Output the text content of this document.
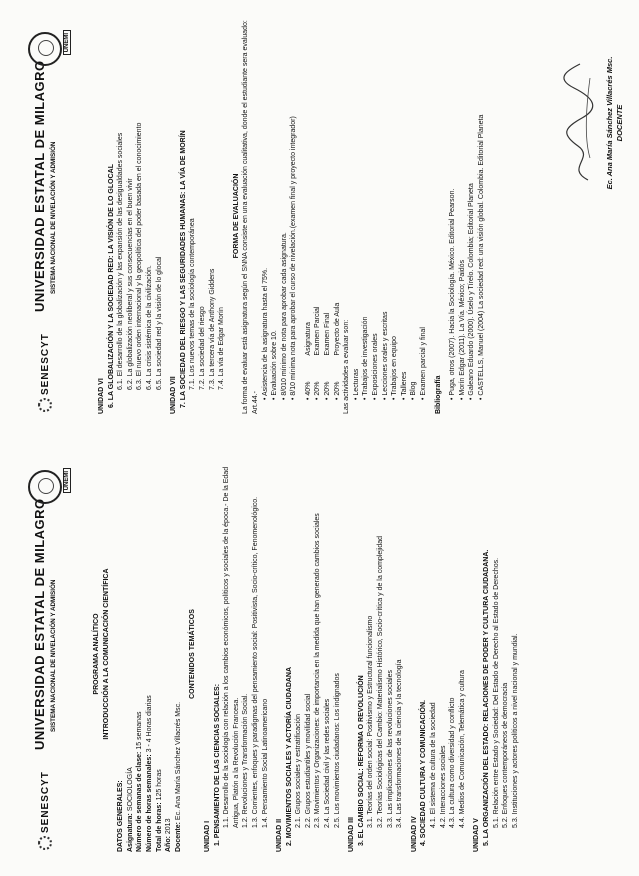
SENESCYT
UNIVERSIDAD ESTATAL DE MILAGRO SISTEMA NACIONAL DE NIVELACIÓN Y ADMISIÓN
UNEMI
PROGRAMA ANALÍTICO INTRODUCCIÓN A LA COMUNICACIÓN CIENTÍFICA
DATOS GENERALES: Asignatura: SOCIOLOGÍA Número de semanas de clase: 15 semanas
Número de horas semanales: 3 - 4 Horas diarias
Total de horas: 125 horas
Año: 2013 Docente: Ec. Ana María Sánchez Villacrés Msc.
CONTENIDOS TEMÁTICOS
UNIDAD I 1. PENSAMIENTO DE LAS CIENCIAS SOCIALES: 1.1. Desarrollo de la sociología con relación a los cambios económicos, políticos y sociales de la época.- De la Edad Antigua, Platón a la Revolución Francesa. 1.2. Revoluciones y Transformación Social. 1.3. Corrientes, enfoques y paradigmas del pensamiento social: Positivista, Socio-crítico, Fenomenológico. 1.4. Pensamiento Social Latinoamericano
UNIDAD II 2. MOVIMIENTOS SOCIALES Y ACTORÍA CIUDADANA 2.1. Grupos sociales y estratificación 2.2. Grupos estudiantiles y movilidad social 2.3. Movimientos y Organizaciones: de importancia en la medida que han generado cambios sociales 2.4. La Sociedad civil y las redes sociales 2.5. Los movimientos ciudadanos: Los indignados
UNIDAD III 3. EL CAMBIO SOCIAL: REFORMA O REVOLUCIÓN 3.1. Teorías del orden social: Positivismo y Estructural funcionalismo 3.2. Teorías Sociológicas del Cambio: Materialismo Histórico, Socio-crítica y de la complejidad 3.3. Las implicaciones de las revoluciones sociales 3.4. Las transformaciones de la ciencia y la tecnología
UNIDAD IV 4. SOCIEDAD CULTURA Y COMUNICACIÓN. 4.1. El sistema de cultura de la sociedad 4.2. Interacciones sociales 4.3. La cultura como diversidad y conflicto 4.4. Medios de Comunicación, Telemática y cultura
UNIDAD V 5. LA ORGANIZACIÓN DEL ESTADO: RELACIONES DE PODER Y CULTURA CIUDADANA. 5.1. Relación entre Estado y Sociedad: Del Estado de Derecho al Estado de Derechos. 5.2. Enfoques contemporáneos de democracia 5.3. Instituciones y actores políticos a nivel nacional y mundial.
SENESCYT
UNIVERSIDAD ESTATAL DE MILAGRO SISTEMA NACIONAL DE NIVELACIÓN Y ADMISIÓN
UNEMI
UNIDAD VI 6. LA GLOBALIZACIÓN Y LA SOCIEDAD RED: LA VISIÓN DE LO GLOCAL 6.1. El desarrollo de la globalización y las expansión de las desigualdades sociales 6.2. La globalización neoliberal y sus consecuencias en el buen vivir 6.3. El nuevo orden internacional y la geopolítica del poder basada en el conocimiento 6.4. La crisis sistémica de la civilización. 6.5. La sociedad red y la visión de lo glocal
UNIDAD VII 7. LA SOCIEDAD DEL RIESGO Y LAS SEGURIDADES HUMANAS: LA VÍA DE MORÍN 7.1. Los nuevos temas de la sociología contemporánea 7.2. La sociedad del riesgo 7.3. La tercera vía de Anthony Giddens 7.4. La vía de Edgar Morín
FORMA DE EVALUACIÓN La forma de evaluar está asignatura según el SNNA consiste en una evaluación cualitativa, donde el estudiante sera evaluado: Art.44.-
• Asistencia de la asignatura hasta el 75%. • Evaluación sobre 10. • 8/010 mínimo de nota para aprobar cada asignatura. • 8/10 mínima nota para aprobar el curso de nivelación.(examen final y proyecto integrador) • 40%Asignatura
• 20%Examen Parcial
• 20%Examen Final
• 20%Proyecto de Aula Las actividades a evaluar son: • Lecturas • Trabajos de investigación • Exposiciones orales • Lecciones orales y escritas • Trabajos en equipo • Talleres • Blog • Examen parcial y final Bibliografía • Puga, otros (2007). Hacia la Sociología. México. Editorial Pearson. • Morín Edgar (2011). La Vía. México; Paidós • Galeano Eduardo (2000). Úselo y Tírelo. Colombia; Editorial Planeta • CASTELLS, Manuel (2004) La sociedad red: una visión global. Colombia. Editorial Planeta	Ec. Ana María Sánchez Villacrés Msc. DOCENTE
